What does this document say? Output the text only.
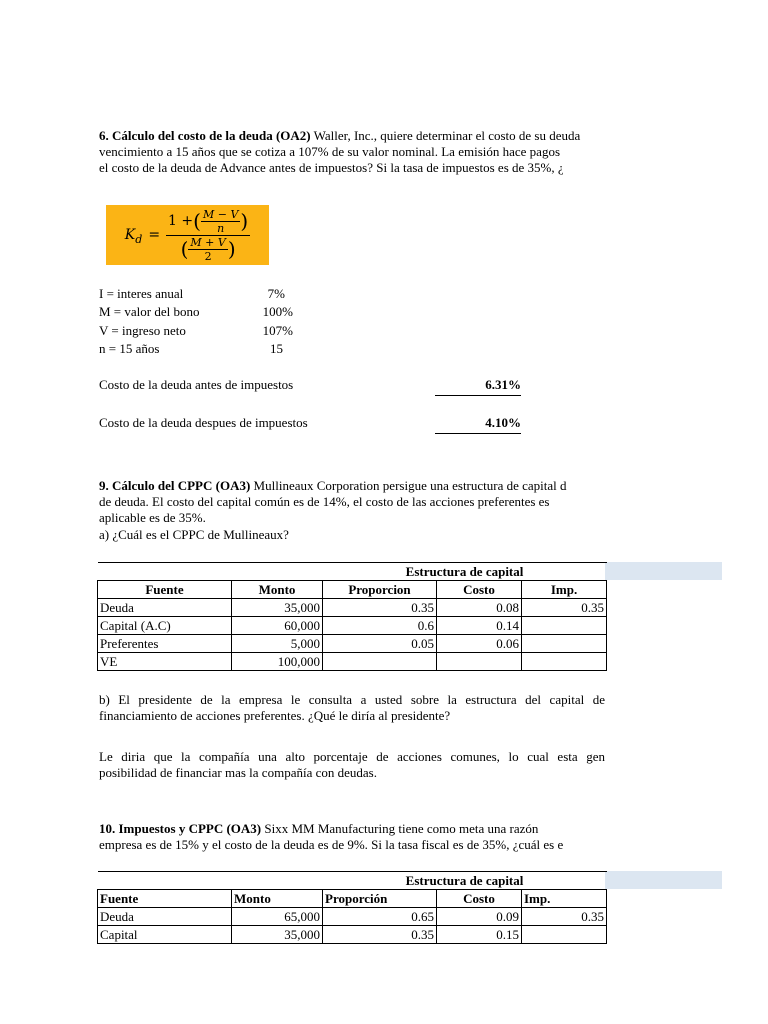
6. Cálculo del costo de la deuda (OA2) Waller, Inc., quiere determinar el costo de su deuda
vencimiento a 15 años que se cotiza a 107% de su valor nominal. La emisión hace pagos
el costo de la deuda de Advance antes de impuestos? Si la tasa de impuestos es de 35%, ¿
K d =
1 + ( M
−
V
n )
( M
+
V
2 )
I = interes anual	7%
M = valor del bono	100%
V = ingreso neto	107%
n = 15 años	15
Costo de la deuda antes de impuestos	6.31%
Costo de la deuda despues de impuestos	4.10%
9. Cálculo del CPPC (OA3) Mullineaux Corporation persigue una estructura de capital d
de deuda. El costo del capital común es de 14%, el costo de las acciones preferentes es
aplicable es de 35%.
a) ¿Cuál es el CPPC de Mullineaux?
		Estructura de capital		
Fuente	Monto	Proporcion	Costo	Imp.
Deuda	35,000	0.35	0.08	0.35
Capital (A.C)	60,000	0.6	0.14	
Preferentes	5,000	0.05	0.06	
VE	100,000			
b) El presidente de la empresa le consulta a usted sobre la estructura del capital de
financiamiento de acciones preferentes. ¿Qué le diría al presidente?
Le diria que la compañía una alto porcentaje de acciones comunes, lo cual esta gen
posibilidad de financiar mas la compañía con deudas.
10. Impuestos y CPPC (OA3) Sixx MM Manufacturing tiene como meta una razón
empresa es de 15% y el costo de la deuda es de 9%. Si la tasa fiscal es de 35%, ¿cuál es e
		Estructura de capital		
Fuente	Monto	Proporción	Costo	Imp.
Deuda	65,000	0.65	0.09	0.35
Capital	35,000	0.35	0.15	
